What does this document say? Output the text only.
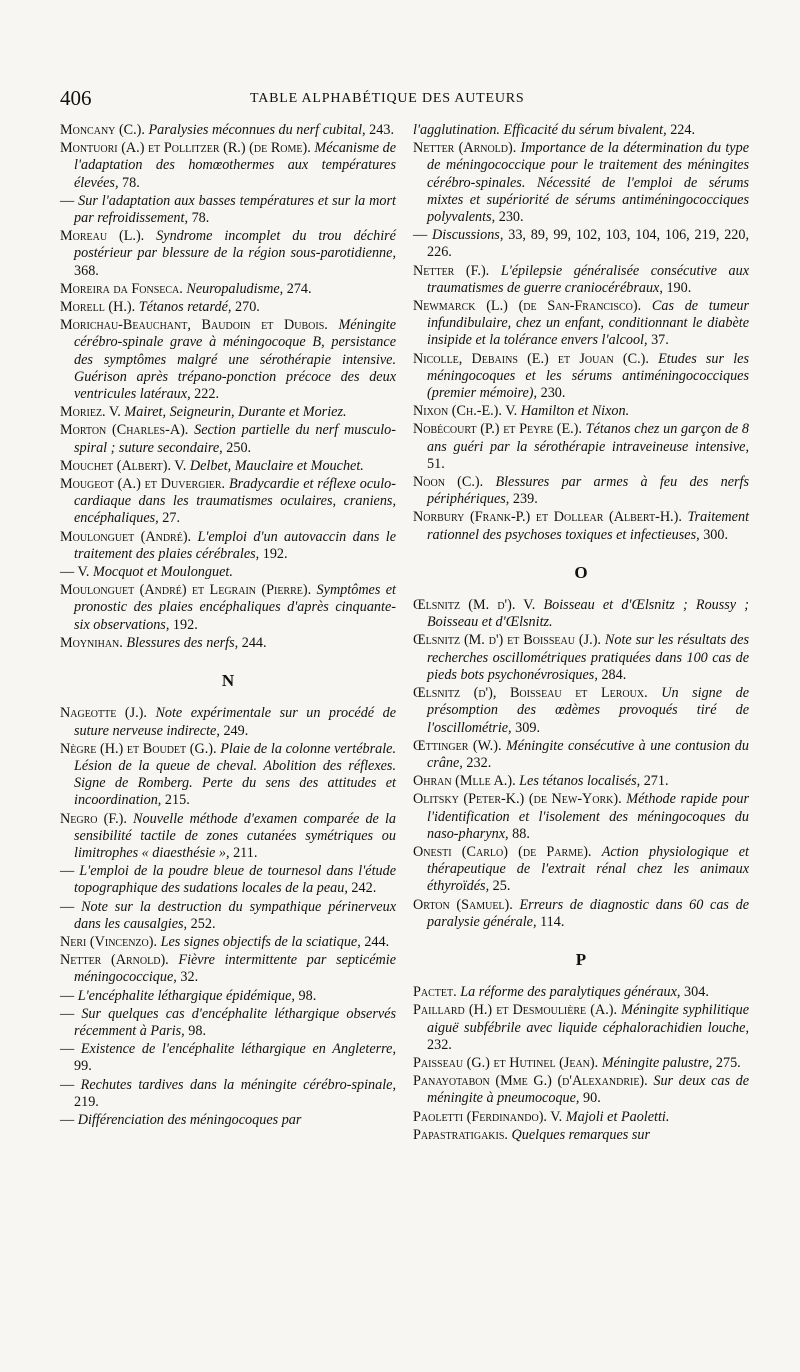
406	TABLE ALPHABÉTIQUE DES AUTEURS
Moncany (C.). Paralysies méconnues du nerf cubital, 243.
Montuori (A.) et Pollitzer (R.) (de Rome). Mécanisme de l'adaptation des homœothermes aux températures élevées, 78.
— Sur l'adaptation aux basses températures et sur la mort par refroidissement, 78.
Moreau (L.). Syndrome incomplet du trou déchiré postérieur par blessure de la région sous-parotidienne, 368.
Moreira da Fonseca. Neuropaludisme, 274.
Morell (H.). Tétanos retardé, 270.
Morichau-Beauchant, Baudoin et Dubois. Méningite cérébro-spinale grave à méningocoque B, persistance des symptômes malgré une sérothérapie intensive. Guérison après trépano-ponction précoce des deux ventricules latéraux, 222.
Moriez. V. Mairet, Seigneurin, Durante et Moriez.
Morton (Charles-A). Section partielle du nerf musculo-spiral ; suture secondaire, 250.
Mouchet (Albert). V. Delbet, Mauclaire et Mouchet.
Mougeot (A.) et Duvergier. Bradycardie et réflexe oculo-cardiaque dans les traumatismes oculaires, craniens, encéphaliques, 27.
Moulonguet (André). L'emploi d'un autovaccin dans le traitement des plaies cérébrales, 192.
— V. Mocquot et Moulonguet.
Moulonguet (André) et Legrain (Pierre). Symptômes et pronostic des plaies encéphaliques d'après cinquante-six observations, 192.
Moynihan. Blessures des nerfs, 244.
N
Nageotte (J.). Note expérimentale sur un procédé de suture nerveuse indirecte, 249.
Nègre (H.) et Boudet (G.). Plaie de la colonne vertébrale. Lésion de la queue de cheval. Abolition des réflexes. Signe de Romberg. Perte du sens des attitudes et incoordination, 215.
Negro (F.). Nouvelle méthode d'examen comparée de la sensibilité tactile de zones cutanées symétriques ou limitrophes « diaesthésie », 211.
— L'emploi de la poudre bleue de tournesol dans l'étude topographique des sudations locales de la peau, 242.
— Note sur la destruction du sympathique périnerveux dans les causalgies, 252.
Neri (Vincenzo). Les signes objectifs de la sciatique, 244.
Netter (Arnold). Fièvre intermittente par septicémie méningococcique, 32.
— L'encéphalite léthargique épidémique, 98.
— Sur quelques cas d'encéphalite léthargique observés récemment à Paris, 98.
— Existence de l'encéphalite léthargique en Angleterre, 99.
— Rechutes tardives dans la méningite cérébro-spinale, 219.
— Différenciation des méningocoques par
l'agglutination. Efficacité du sérum bivalent, 224.
Netter (Arnold). Importance de la détermination du type de méningococcique pour le traitement des méningites cérébro-spinales. Nécessité de l'emploi de sérums mixtes et supériorité de sérums antiméningococciques polyvalents, 230.
— Discussions, 33, 89, 99, 102, 103, 104, 106, 219, 220, 226.
Netter (F.). L'épilepsie généralisée consécutive aux traumatismes de guerre craniocérébraux, 190.
Newmarck (L.) (de San-Francisco). Cas de tumeur infundibulaire, chez un enfant, conditionnant le diabète insipide et la tolérance envers l'alcool, 37.
Nicolle, Debains (E.) et Jouan (C.). Etudes sur les méningocoques et les sérums antiméningococciques (premier mémoire), 230.
Nixon (Ch.-E.). V. Hamilton et Nixon.
Nobécourt (P.) et Peyre (E.). Tétanos chez un garçon de 8 ans guéri par la sérothérapie intraveineuse intensive, 51.
Noon (C.). Blessures par armes à feu des nerfs périphériques, 239.
Norbury (Frank-P.) et Dollear (Albert-H.). Traitement rationnel des psychoses toxiques et infectieuses, 300.
O
Œlsnitz (M. d'). V. Boisseau et d'Œlsnitz ; Roussy ; Boisseau et d'Œlsnitz.
Œlsnitz (M. d') et Boisseau (J.). Note sur les résultats des recherches oscillométriques pratiquées dans 100 cas de pieds bots psychonévrosiques, 284.
Œlsnitz (d'), Boisseau et Leroux. Un signe de présomption des œdèmes provoqués tiré de l'oscillométrie, 309.
Œttinger (W.). Méningite consécutive à une contusion du crâne, 232.
Ohran (Mlle A.). Les tétanos localisés, 271.
Olitsky (Peter-K.) (de New-York). Méthode rapide pour l'identification et l'isolement des méningocoques du naso-pharynx, 88.
Onesti (Carlo) (de Parme). Action physiologique et thérapeutique de l'extrait rénal chez les animaux éthyroïdés, 25.
Orton (Samuel). Erreurs de diagnostic dans 60 cas de paralysie générale, 114.
P
Pactet. La réforme des paralytiques généraux, 304.
Paillard (H.) et Desmoulière (A.). Méningite syphilitique aiguë subfébrile avec liquide céphalorachidien louche, 232.
Paisseau (G.) et Hutinel (Jean). Méningite palustre, 275.
Panayotabon (Mme G.) (d'Alexandrie). Sur deux cas de méningite à pneumocoque, 90.
Paoletti (Ferdinando). V. Majoli et Paoletti.
Papastratigakis. Quelques remarques sur
